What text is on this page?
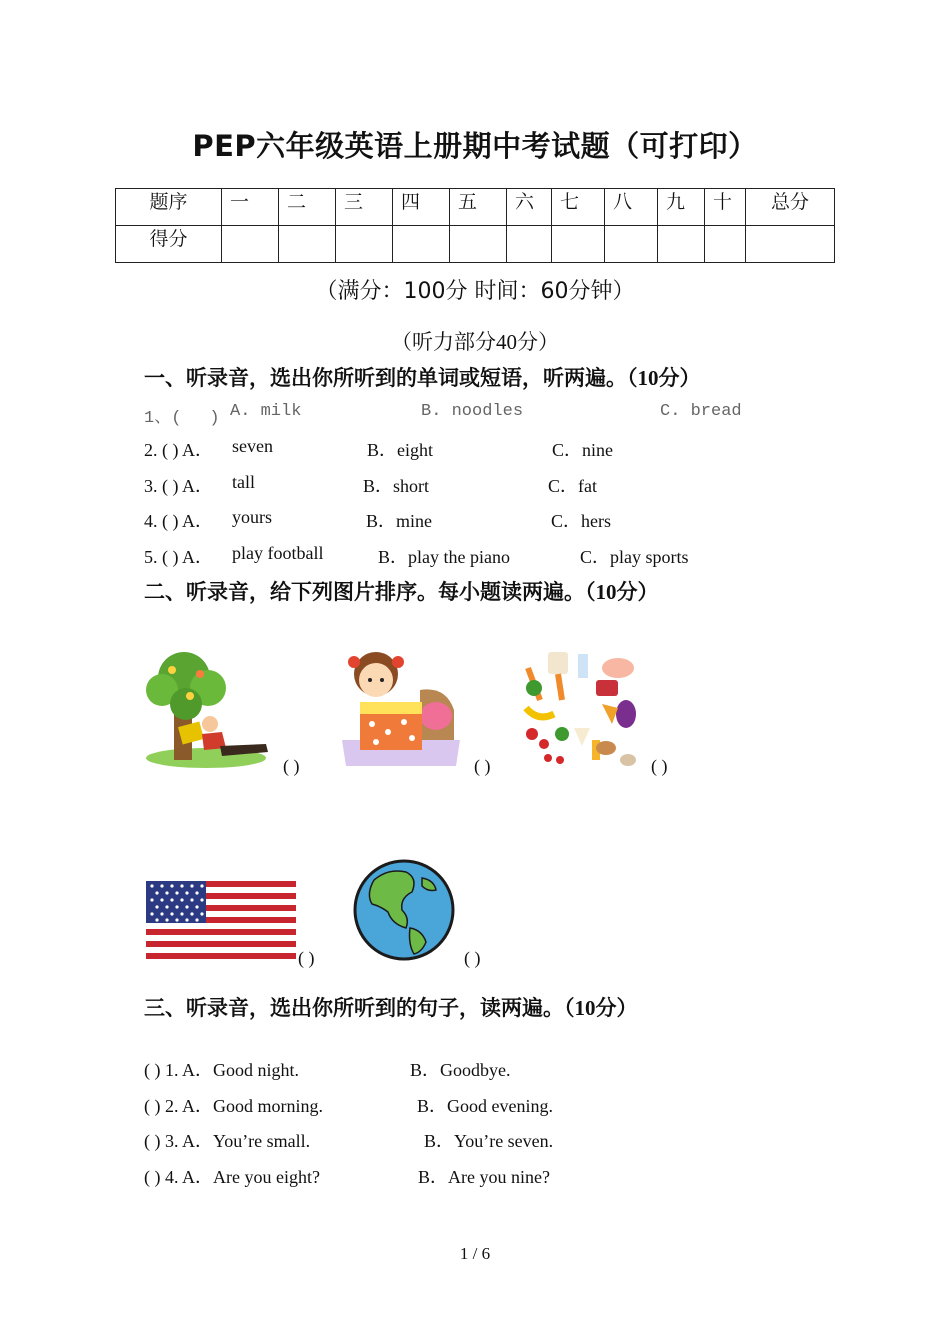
PEP六年级英语上册期中考试题（可打印）
题序	一	二	三	四	五	六	七	八	九	十	总分
得分											
（满分：100分 时间：60分钟）
（听力部分40分）
一、听录音，选出你所听到的单词或短语，听两遍。（10分）
1、( ) A. milk	B. noodles	C. bread
2. ( ) A． seven	B．eight	C．nine
3. ( ) A． tall	B．short	C．fat
4. ( ) A． yours	B．mine	C．hers
5. ( ) A． play football	B．play the piano	C．play sports
二、听录音，给下列图片排序。每小题读两遍。（10分）
( )	( )	( )
( )	( )
三、听录音，选出你所听到的句子，读两遍。（10分）
( ) 1. A．Good night.	B．Goodbye.
( ) 2. A．Good morning.	B．Good evening.
( ) 3. A．You’re small.	B．You’re seven.
( ) 4. A．Are you eight?	B．Are you nine?
1 / 6
